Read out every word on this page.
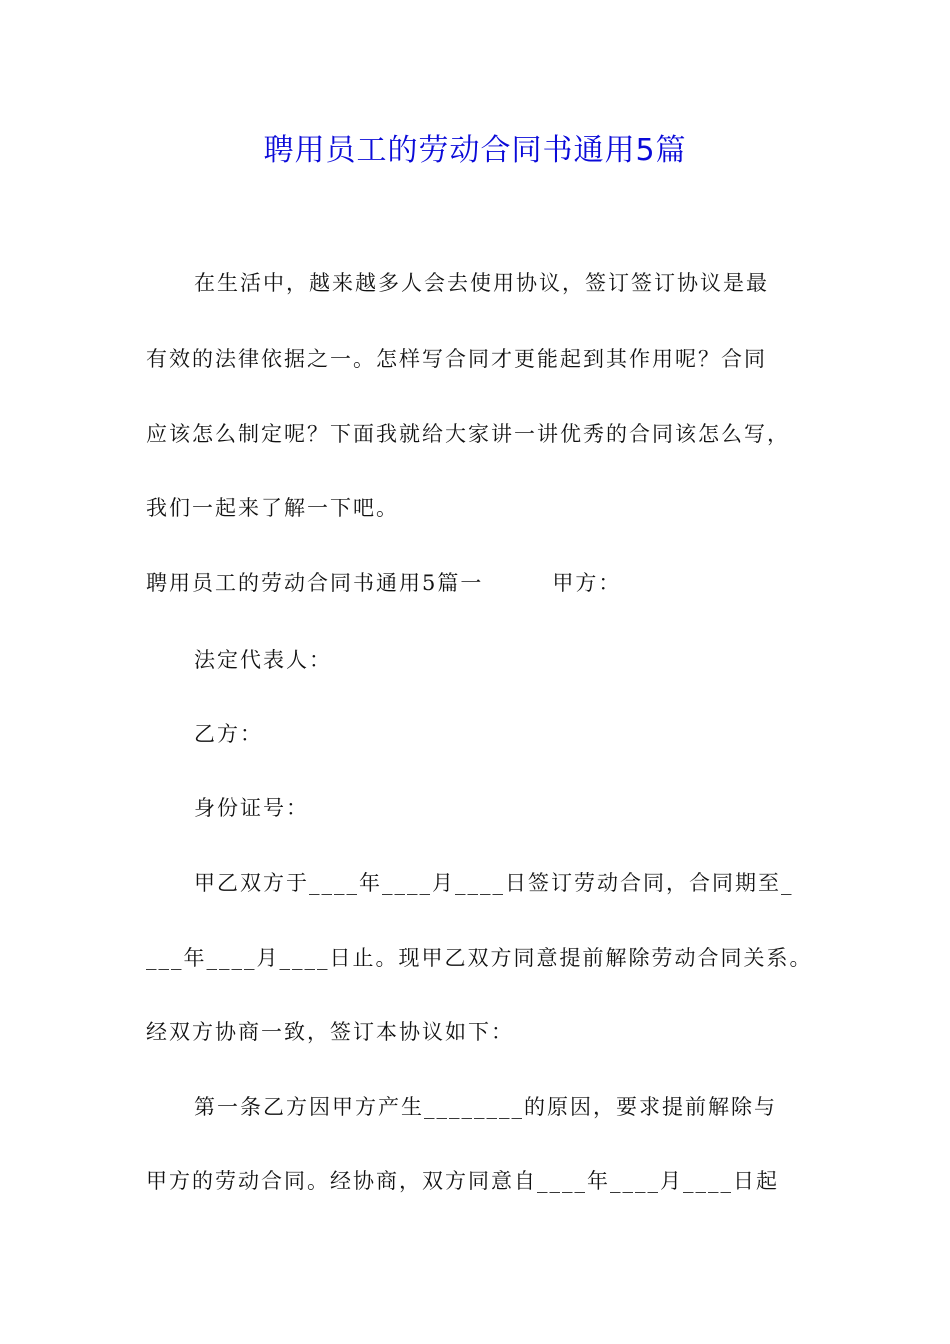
聘用员工的劳动合同书通用5篇
在生活中，越来越多人会去使用协议，签订签订协议是最
有效的法律依据之一。怎样写合同才更能起到其作用呢？合同
应该怎么制定呢？下面我就给大家讲一讲优秀的合同该怎么写，
我们一起来了解一下吧。
聘用员工的劳动合同书通用5篇一　　　甲方：
法定代表人：
乙方：
身份证号：
甲乙双方于____年____月____日签订劳动合同，合同期至_
___年____月____日止。现甲乙双方同意提前解除劳动合同关系。
经双方协商一致，签订本协议如下：
第一条乙方因甲方产生________的原因，要求提前解除与
甲方的劳动合同。经协商，双方同意自____年____月____日起
